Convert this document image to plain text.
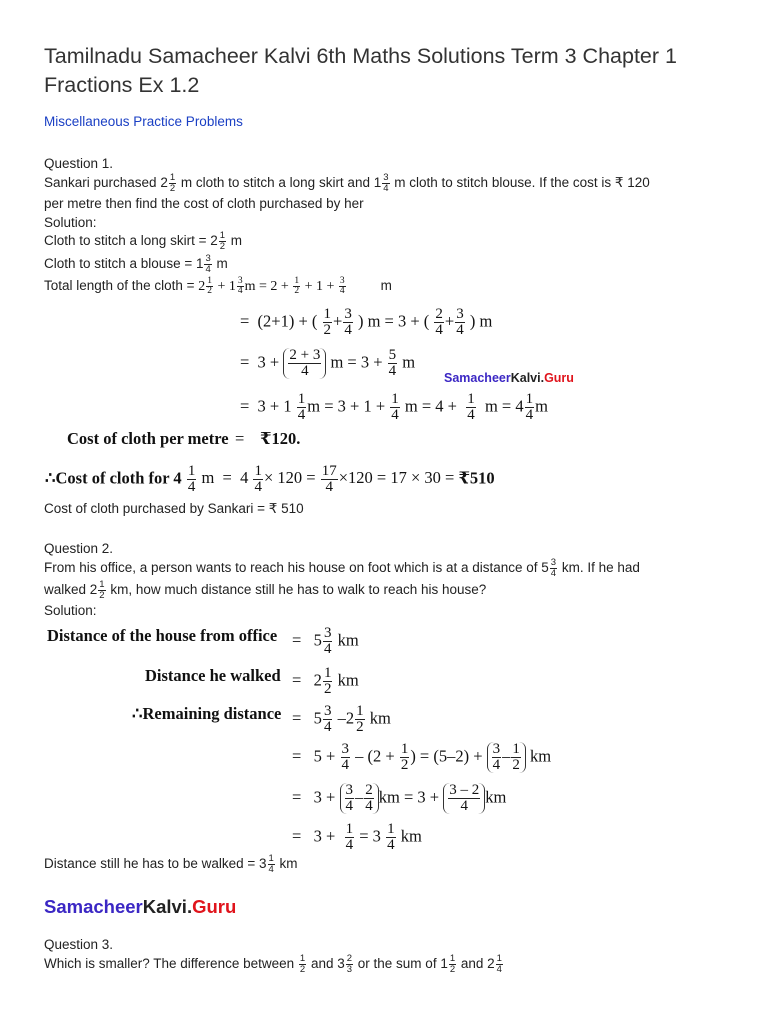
Tamilnadu Samacheer Kalvi 6th Maths Solutions Term 3 Chapter 1 Fractions Ex 1.2
Miscellaneous Practice Problems
Question 1.
Sankari purchased $2 \frac{1}{2}$ m cloth to stitch a long skirt and $1 \frac{3}{4}$ m cloth to stitch blouse. If the cost is ₹ 120
per metre then find the cost of cloth purchased by her
Solution:
Cloth to stitch a long skirt = $2 \frac{1}{2}$ m
Cloth to stitch a blouse = $1 \frac{3}{4}$ m
Total length of the cloth = $2 \frac{1}{2} + 1 \frac{3}{4}$ $m = 2 + \frac{1}{2} + 1 + \frac{3}{4}$	m
=  (2+1) + ( $\frac{1}{2} + \frac{3}{4}$ ) m = 3 + ( $\frac{2}{4} + \frac{3}{4}$ ) m
=  $3 + \frac{2 + 3}{4}$ $m = 3 + \frac{5}{4}$ m
SamacheerKalvi.Guru
=  $3 + 1 \frac{1}{4}$ $m = 3 + 1 + \frac{1}{4}$ $m = 4 + \frac{1}{4}$ $m = 4 \frac{1}{4}$ m
Cost of cloth per metre = ₹120.
∴Cost of cloth for $4 \frac{1}{4}$ $m = 4 \frac{1}{4} \times 120 = \frac{17}{4} \times 120 = 17 \times 30$ = ₹510
Cost of cloth purchased by Sankari = ₹ 510
Question 2.
From his office, a person wants to reach his house on foot which is at a distance of $5 \frac{3}{4}$ km. If he had
walked $2 \frac{1}{2}$ km, how much distance still he has to walk to reach his house?
Solution:
Distance of the house from office =   $5 \frac{3}{4}$ km
Distance he walked =   $2 \frac{1}{2}$ km
∴Remaining distance =   $5 \frac{3}{4} -2 \frac{1}{2}$ km
=   $5 + \frac{3}{4} - (2 + \frac{1}{2}$ ) = $(5-2) + \frac{3}{4} - \frac{1}{2}$ km
=   $3 + \frac{3}{4} - \frac{2}{4}$ km = $3 + \frac{3 - 2}{4}$ km
=   $3 + \frac{1}{4} = 3 \frac{1}{4}$ km
Distance still he has to be walked = $3 \frac{1}{4}$ km
SamacheerKalvi.Guru
Question 3.
Which is smaller? The difference between $\frac{1}{2}$ and $3 \frac{2}{3}$ or the sum of $1 \frac{1}{2}$ and $2 \frac{1}{4}$
